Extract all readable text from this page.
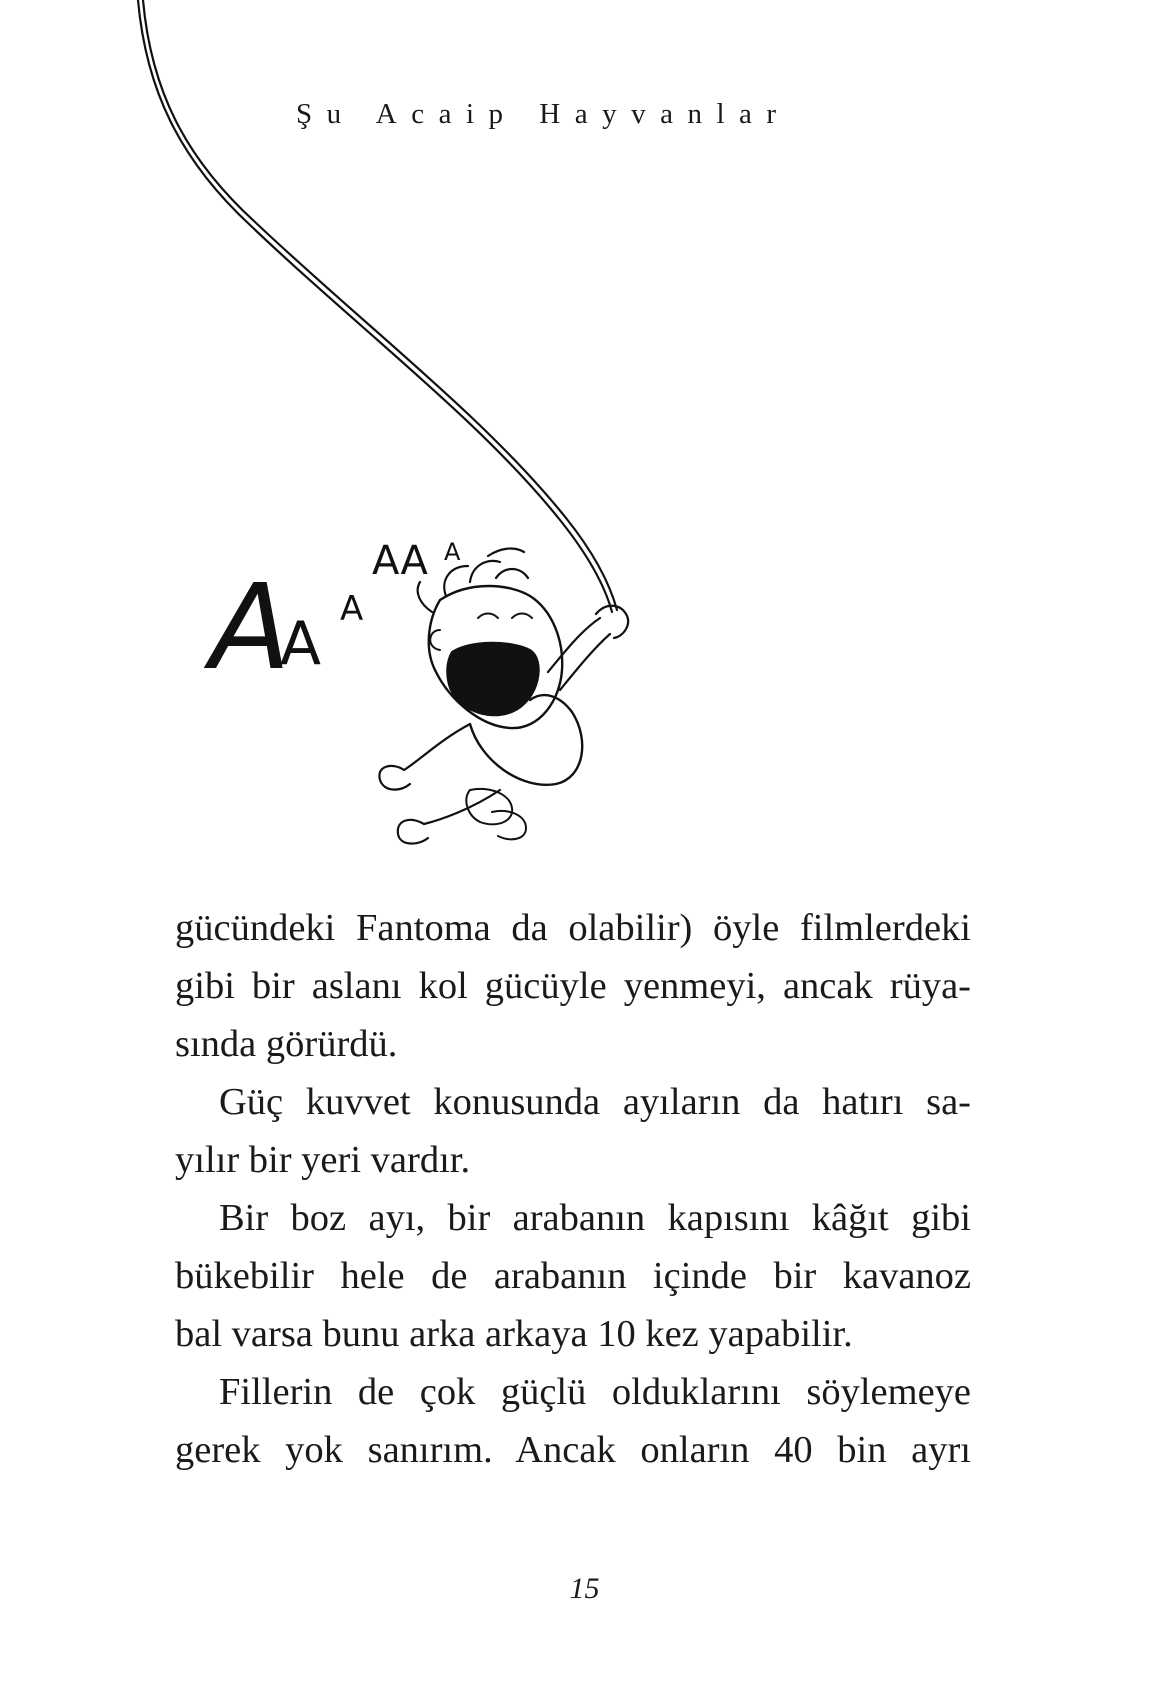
Şu Acaip Hayvanlar
A
A A
AA A
gücündeki Fantoma da olabilir) öyle filmlerdeki
gibi bir aslanı kol gücüyle yenmeyi, ancak rüya-
sında görürdü.
Güç kuvvet konusunda ayıların da hatırı sa-
yılır bir yeri vardır.
Bir boz ayı, bir arabanın kapısını kâğıt gibi
bükebilir hele de arabanın içinde bir kavanoz
bal varsa bunu arka arkaya 10 kez yapabilir.
Fillerin de çok güçlü olduklarını söylemeye
gerek yok sanırım. Ancak onların 40 bin ayrı
15
